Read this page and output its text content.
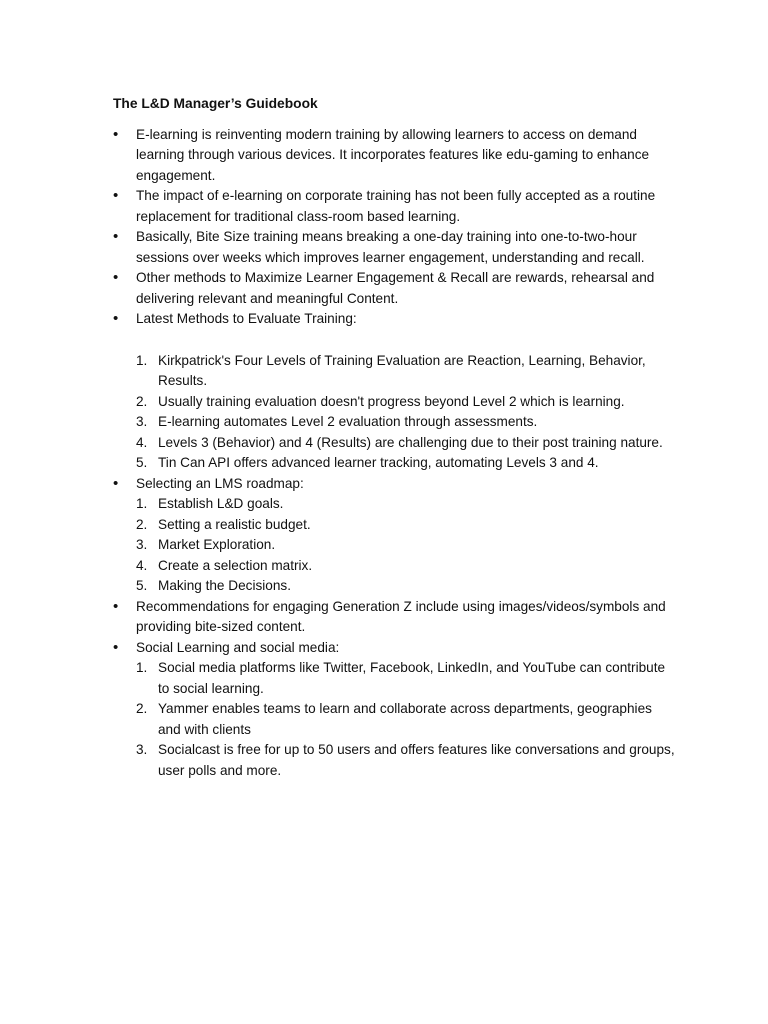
The L&D Manager’s Guidebook
• E-learning is reinventing modern training by allowing learners to access on demand learning through various devices. It incorporates features like edu-gaming to enhance engagement.
• The impact of e-learning on corporate training has not been fully accepted as a routine replacement for traditional class-room based learning.
• Basically, Bite Size training means breaking a one-day training into one-to-two-hour sessions over weeks which improves learner engagement, understanding and recall.
• Other methods to Maximize Learner Engagement & Recall are rewards, rehearsal and delivering relevant and meaningful Content.
• Latest Methods to Evaluate Training:
1. Kirkpatrick's Four Levels of Training Evaluation are Reaction, Learning, Behavior, Results.
2. Usually training evaluation doesn't progress beyond Level 2 which is learning.
3. E-learning automates Level 2 evaluation through assessments.
4. Levels 3 (Behavior) and 4 (Results) are challenging due to their post training nature.
5. Tin Can API offers advanced learner tracking, automating Levels 3 and 4.
• Selecting an LMS roadmap:
1. Establish L&D goals.
2. Setting a realistic budget.
3. Market Exploration.
4. Create a selection matrix.
5. Making the Decisions.
• Recommendations for engaging Generation Z include using images/videos/symbols and providing bite-sized content.
• Social Learning and social media:
1. Social media platforms like Twitter, Facebook, LinkedIn, and YouTube can contribute to social learning.
2. Yammer enables teams to learn and collaborate across departments, geographies and with clients
3. Socialcast is free for up to 50 users and offers features like conversations and groups, user polls and more.
